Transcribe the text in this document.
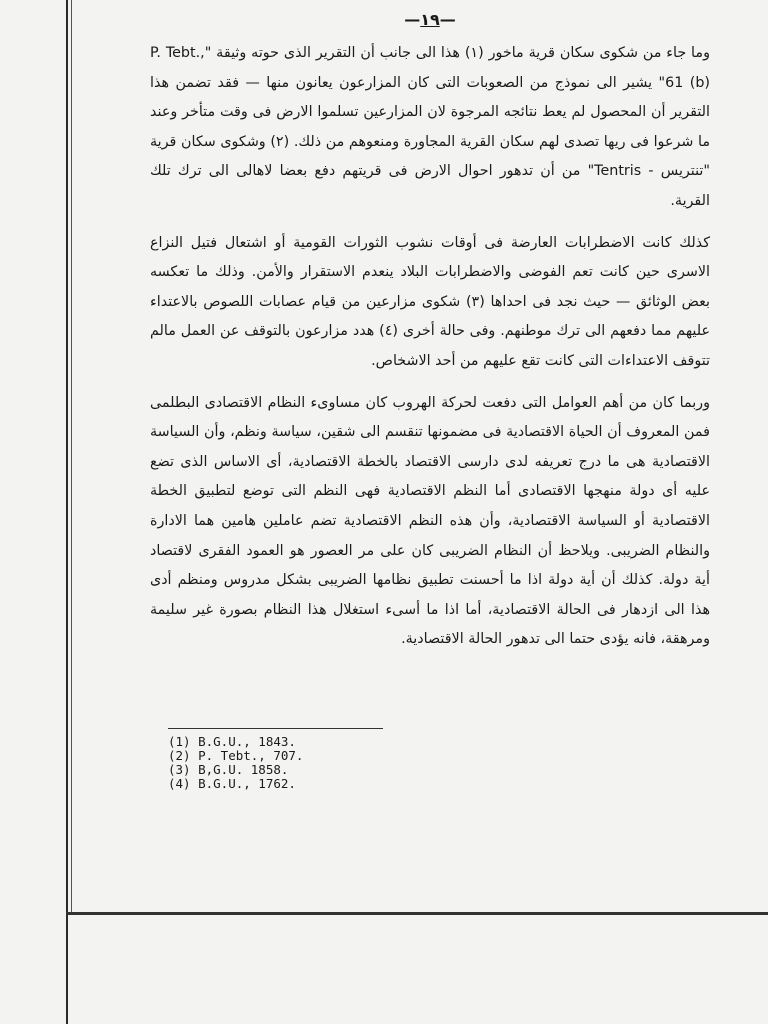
—١٩—

وما جاء من شكوى سكان قرية ماخور (١) هذا الى جانب أن التقرير الذى حوته وثيقة "P. Tebt., 61 (b)" يشير الى نموذج من الصعوبات التى كان المزارعون يعانون منها — فقد تضمن هذا التقرير أن المحصول لم يعط نتائجه المرجوة لان المزارعين تسلموا الارض فى وقت متأخر وعند ما شرعوا فى ريها تصدى لهم سكان القرية المجاورة ومنعوهم من ذلك. (٢) وشكوى سكان قرية "تنتريس - Tentris" من أن تدهور احوال الارض فى قريتهم دفع بعضا لاهالى الى ترك تلك القرية.

كذلك كانت الاضطرابات العارضة فى أوقات نشوب الثورات القومية أو اشتعال فتيل النزاع الاسرى حين كانت تعم الفوضى والاضطرابات البلاد ينعدم الاستقرار والأمن. وذلك ما تعكسه بعض الوثائق — حيث نجد فى احداها (٣) شكوى مزارعين من قيام عصابات اللصوص بالاعتداء عليهم مما دفعهم الى ترك موطنهم. وفى حالة أخرى (٤) هدد مزارعون بالتوقف عن العمل مالم تتوقف الاعتداءات التى كانت تقع عليهم من أحد الاشخاص.

وربما كان من أهم العوامل التى دفعت لحركة الهروب كان مساوىء النظام الاقتصادى البطلمى فمن المعروف أن الحياة الاقتصادية فى مضمونها تنقسم الى شقين، سياسة ونظم، وأن السياسة الاقتصادية هى ما درج تعريفه لدى دارسى الاقتصاد بالخطة الاقتصادية، أى الاساس الذى تضع عليه أى دولة منهجها الاقتصادى أما النظم الاقتصادية فهى النظم التى توضع لتطبيق الخطة الاقتصادية أو السياسة الاقتصادية، وأن هذه النظم الاقتصادية تضم عاملين هامين هما الادارة والنظام الضريبى. ويلاحظ أن النظام الضريبى كان على مر العصور هو العمود الفقرى لاقتصاد أية دولة. كذلك أن أية دولة اذا ما أحسنت تطبيق نظامها الضريبى بشكل مدروس ومنظم أدى هذا الى ازدهار فى الحالة الاقتصادية، أما اذا ما أسىء استغلال هذا النظام بصورة غير سليمة ومرهقة، فانه يؤدى حتما الى تدهور الحالة الاقتصادية.

(1) B.G.U., 1843.
(2) P. Tebt., 707.
(3) B,G.U. 1858.
(4) B.G.U., 1762.
